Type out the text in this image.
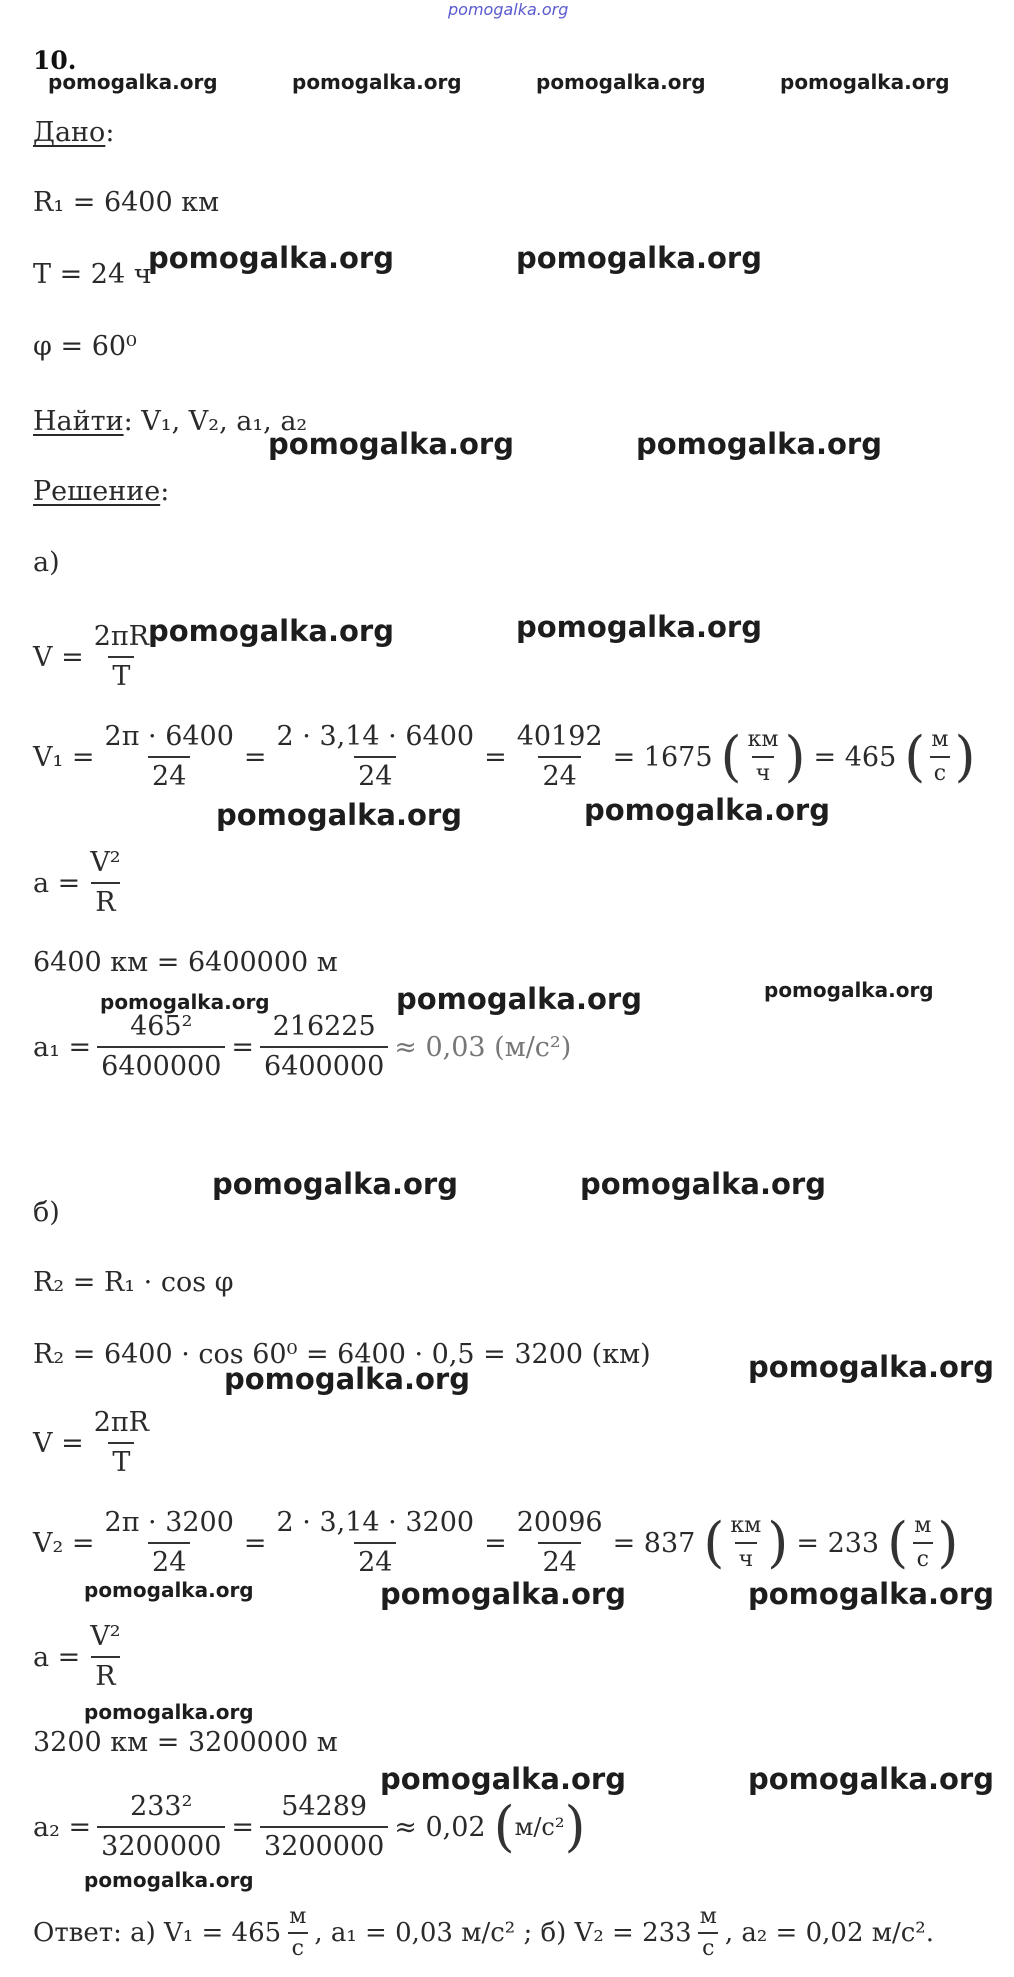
pomogalka.org
pomogalka.org	pomogalka.org	pomogalka.org	pomogalka.org
pomogalka.org	pomogalka.org
pomogalka.org	pomogalka.org
pomogalka.org	pomogalka.org
pomogalka.org	pomogalka.org
pomogalka.org	pomogalka.org	pomogalka.org
pomogalka.org	pomogalka.org
pomogalka.org
pomogalka.org
pomogalka.org	pomogalka.org	pomogalka.org
pomogalka.org
pomogalka.org	pomogalka.org
pomogalka.org
10.
Дано:
R₁ = 6400 км
T = 24 ч
φ = 60⁰
Найти: V₁, V₂, a₁, a₂
Решение:
а)
$V = \frac{2\pi R}{T}$
$V_1 = \frac{2\pi \cdot 6400}{24} = \frac{2 \cdot 3,14 \cdot 6400}{24} = \frac{40192}{24} = 1675$ ( $\frac{км}{ч}$ ) = 465 ( $\frac{м}{с}$ )
$a = \frac{\text{V²}}{R}$
6400 км = 6400000 м
$a_1 = \frac{\text{465²}}{6400000} = \frac{216225}{6400000} \approx 0,03$ (м/с²)
б)
R₂ = R₁ · cos φ
R₂ = 6400 · cos 60⁰ = 6400 · 0,5 = 3200 (км)
$V = \frac{2\pi R}{T}$
$V_2 = \frac{2\pi \cdot 3200}{24} = \frac{2 \cdot 3,14 \cdot 3200}{24} = \frac{20096}{24} = 837$ ( $\frac{км}{ч}$ ) = 233 ( $\frac{м}{с}$ )
$a = \frac{\text{V²}}{R}$
3200 км = 3200000 м
$a_2 = \frac{\text{233²}}{3200000} = \frac{54289}{3200000} \approx 0,02$ ( м/с² )
Ответ: а) $V_1 = 465 \frac{м}{с}$ , a₁ = 0,03 м/с² ; б) $V_2 = 233 \frac{м}{с}$ , a₂ = 0,02 м/с².
